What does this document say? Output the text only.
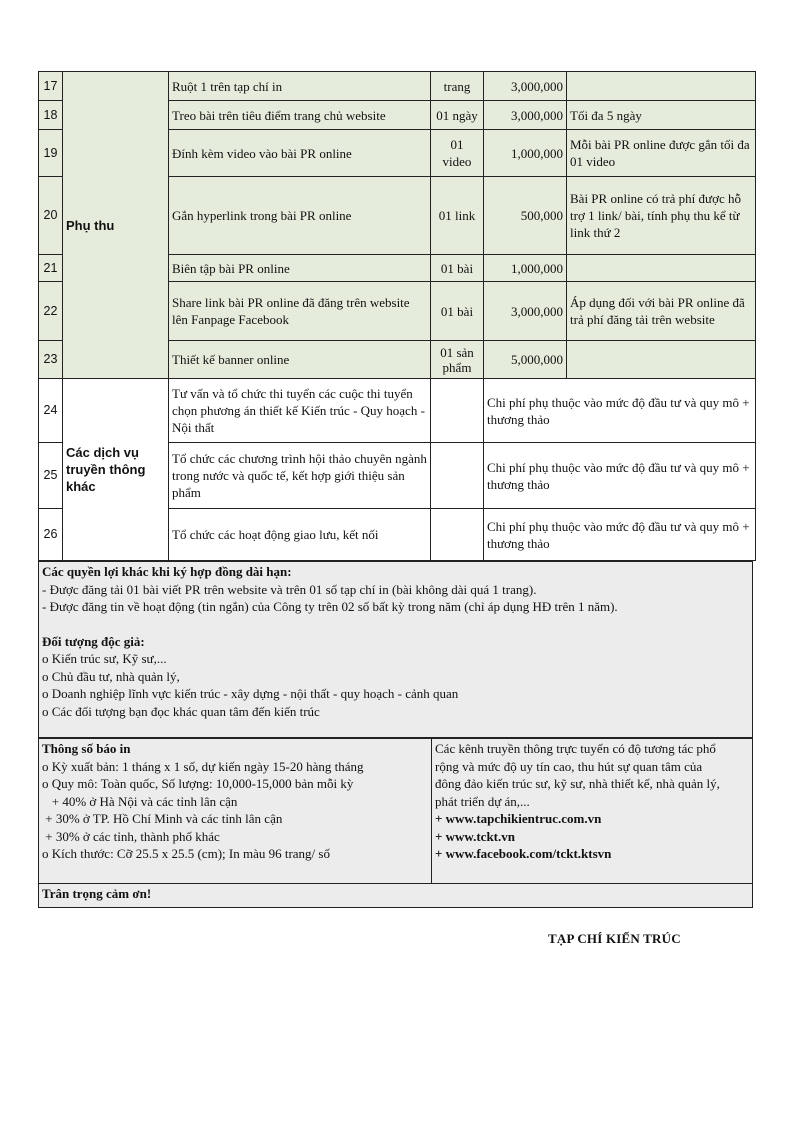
17	Phụ thu	Ruột 1 trên tạp chí in	trang	3,000,000	
18		Treo bài trên tiêu điểm trang chủ website	01 ngày	3,000,000	Tối đa 5 ngày
19		Đính kèm video vào bài PR online	01 video	1,000,000	Mỗi bài PR online được gắn tối đa 01 video
20		Gắn hyperlink trong bài PR online	01 link	500,000	Bài PR online có trả phí được hỗ trợ 1 link/ bài, tính phụ thu kể từ link thứ 2
21		Biên tập bài PR online	01 bài	1,000,000	
22		Share link bài PR online đã đăng trên website lên Fanpage Facebook	01 bài	3,000,000	Áp dụng đối với bài PR online đã trả phí đăng tải trên website
23		Thiết kế banner online	01 sản phẩm	5,000,000	
24	Các dịch vụ truyền thông khác	Tư vấn và tổ chức thi tuyển các cuộc thi tuyển chọn phương án thiết kế Kiến trúc - Quy hoạch - Nội thất		Chi phí phụ thuộc vào mức độ đầu tư và quy mô + thương thảo	
25		Tổ chức các chương trình hội thảo chuyên ngành trong nước và quốc tế, kết hợp giới thiệu sản phẩm		Chi phí phụ thuộc vào mức độ đầu tư và quy mô + thương thảo	
26		Tổ chức các hoạt động giao lưu, kết nối		Chi phí phụ thuộc vào mức độ đầu tư và quy mô + thương thảo	
Các quyền lợi khác khi ký hợp đồng dài hạn:
- Được đăng tải 01 bài viết PR trên website và trên 01 số tạp chí in (bài không dài quá 1 trang).
- Được đăng tin về hoạt động (tin ngắn) của Công ty trên 02 số bất kỳ trong năm (chỉ áp dụng HĐ trên 1 năm).
Đối tượng độc giả:
o Kiến trúc sư, Kỹ sư,...
o Chủ đầu tư, nhà quản lý,
o Doanh nghiệp lĩnh vực kiến trúc - xây dựng - nội thất - quy hoạch - cảnh quan
o Các đối tượng bạn đọc khác quan tâm đến kiến trúc
Thông số báo in
o Kỳ xuất bản: 1 tháng x 1 số, dự kiến ngày 15-20 hàng tháng
o Quy mô: Toàn quốc, Số lượng: 10,000-15,000 bản mỗi kỳ
+ 40% ở Hà Nội và các tỉnh lân cận
+ 30% ở TP. Hồ Chí Minh và các tỉnh lân cận
+ 30% ở các tỉnh, thành phố khác
o Kích thước: Cỡ 25.5 x 25.5 (cm); In màu 96 trang/ số
Các kênh truyền thông trực tuyến có độ tương tác phổ
rộng và mức độ uy tín cao, thu hút sự quan tâm của
đông đảo kiến trúc sư, kỹ sư, nhà thiết kế, nhà quản lý,
phát triển dự án,...
+ www.tapchikientruc.com.vn
+ www.tckt.vn
+ www.facebook.com/tckt.ktsvn
Trân trọng cảm ơn!
TẠP CHÍ KIẾN TRÚC
